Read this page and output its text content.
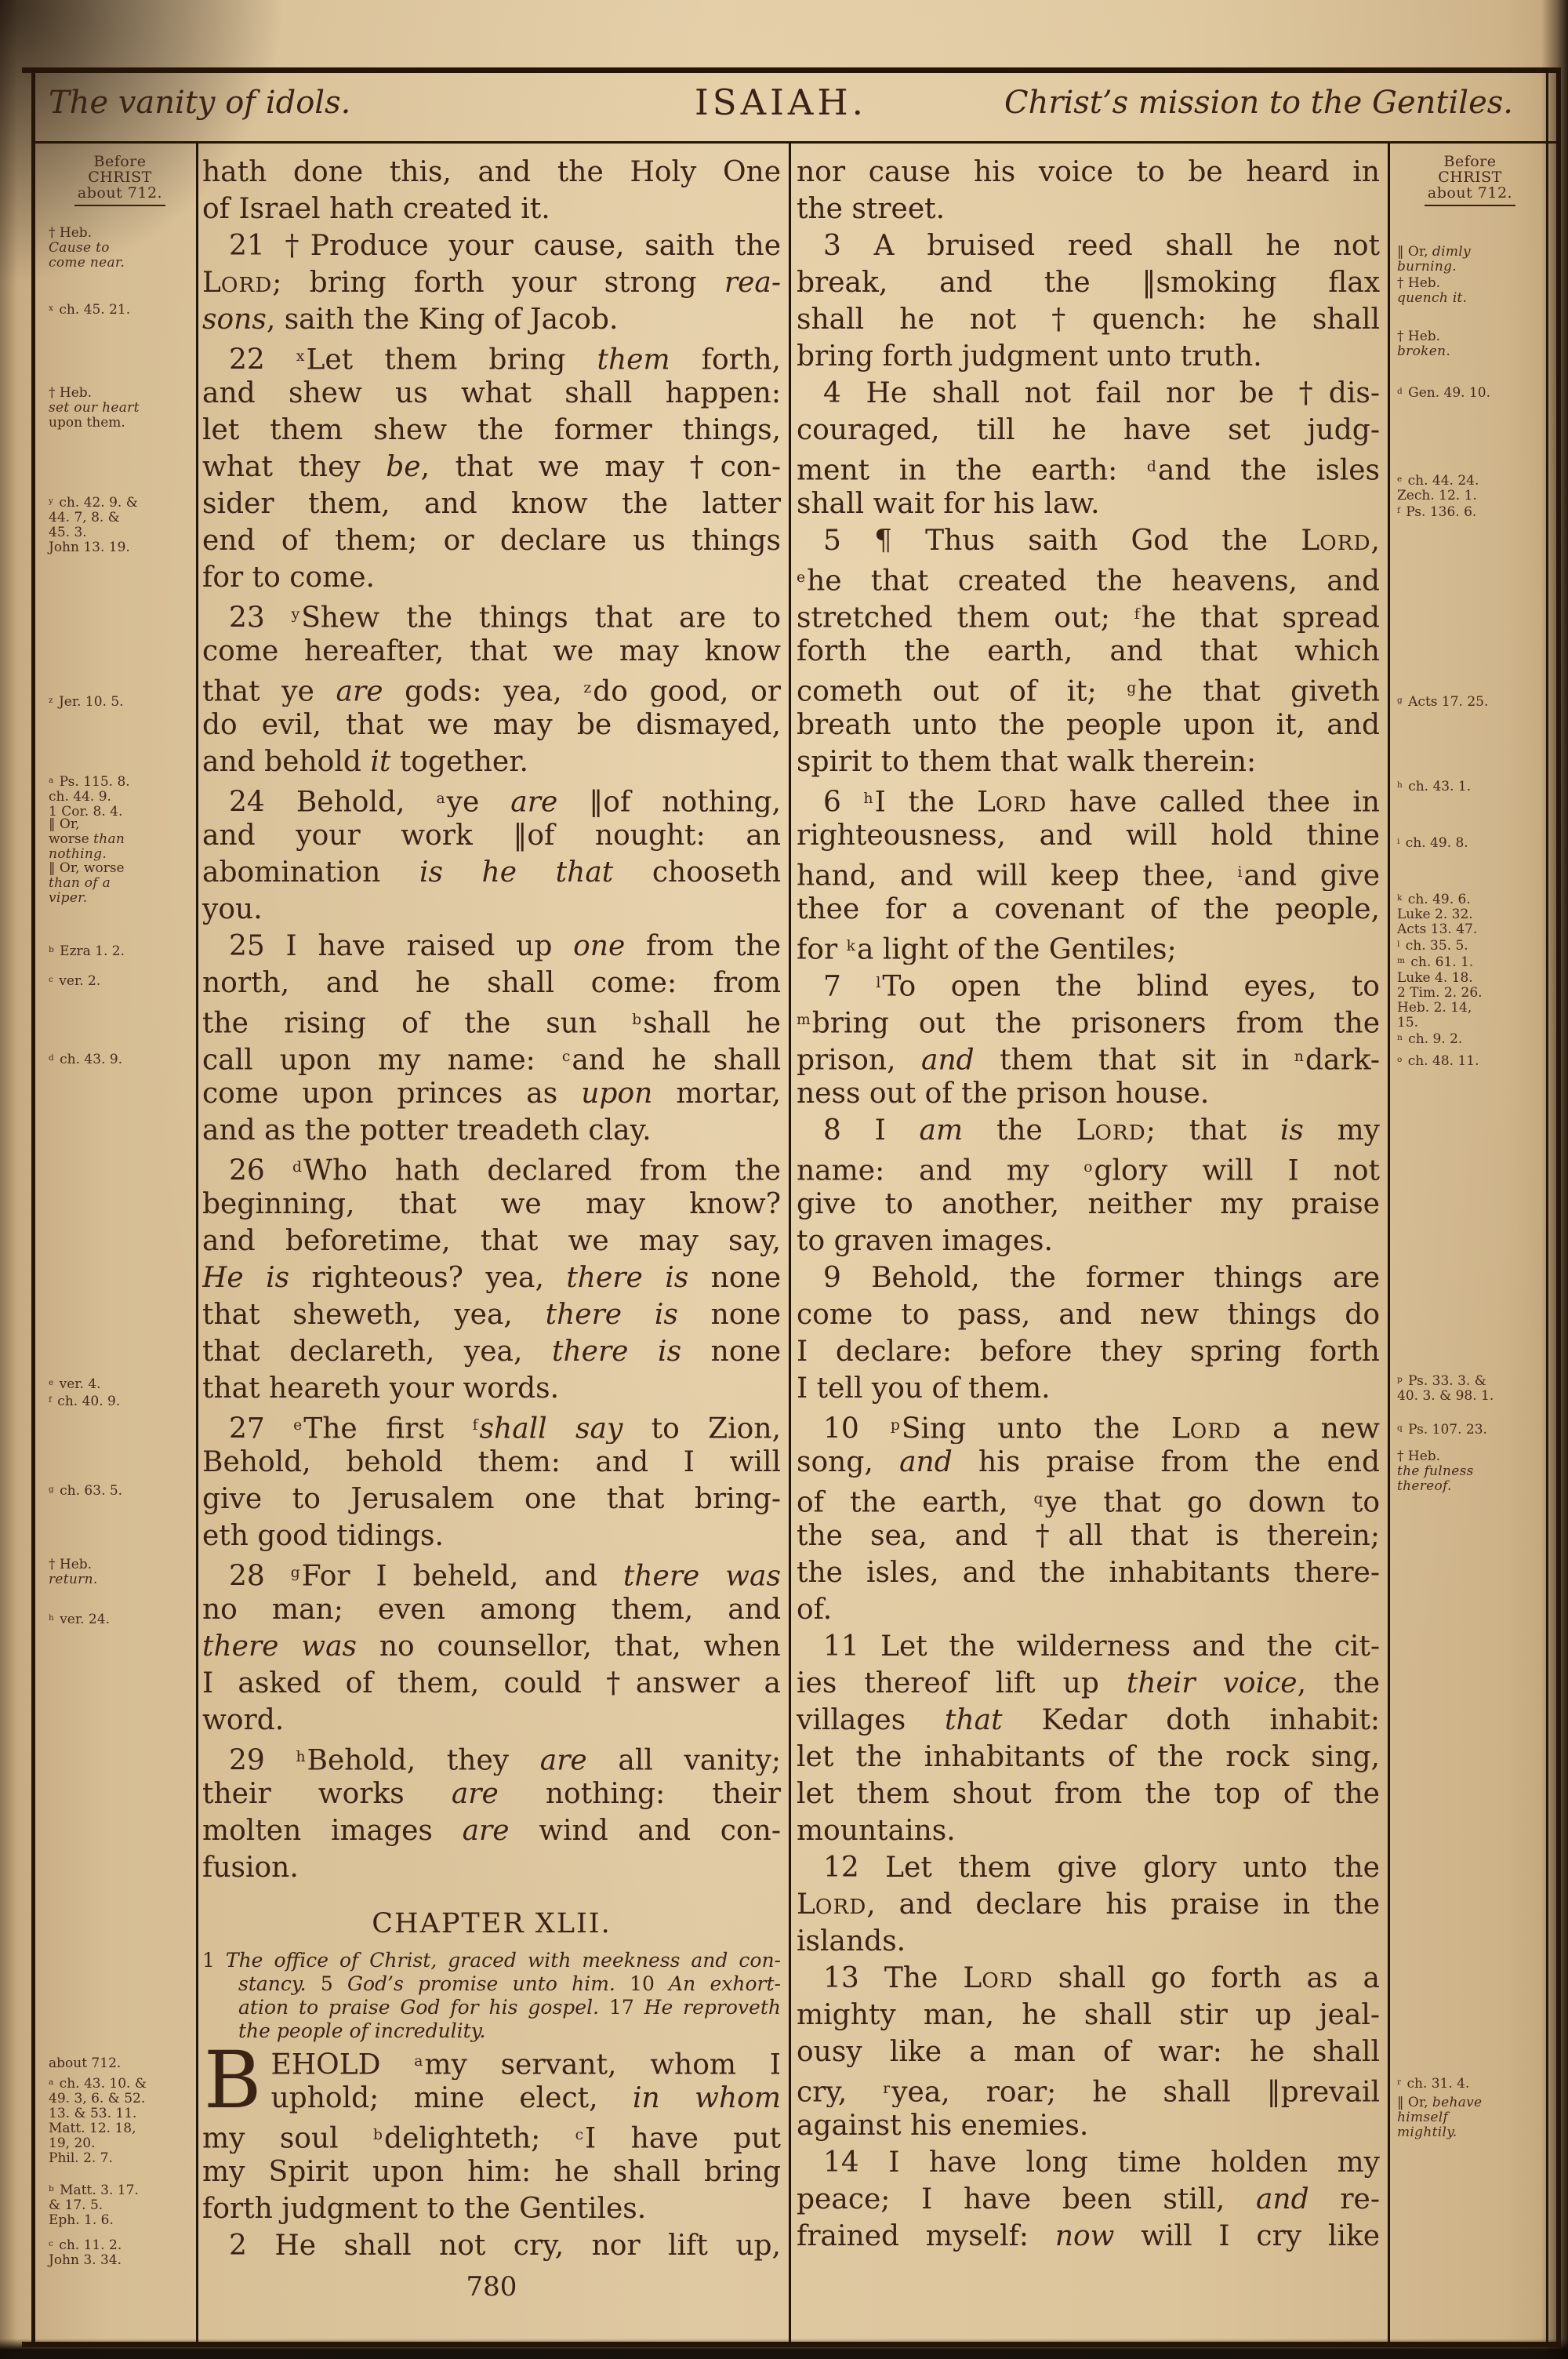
The vanity of idols.	ISAIAH.	Christ’s mission to the Gentiles.
Before
CHRIST
about 712.
† Heb.
Cause to
come near.
$^x$ ch. 45. 21.
† Heb.
set our heart
upon them.
$^y$ ch. 42. 9. &
44. 7, 8. &
45. 3.
John 13. 19.
$^z$ Jer. 10. 5.
$^a$ Ps. 115. 8.
ch. 44. 9.
1 Cor. 8. 4.
‖ Or,
worse than
nothing.
‖ Or, worse
than of a
viper.
$^b$ Ezra 1. 2.
$^c$ ver. 2.
$^d$ ch. 43. 9.
$^e$ ver. 4.
$^f$ ch. 40. 9.
$^g$ ch. 63. 5.
† Heb.
return.
$^h$ ver. 24.
about 712.
$^a$ ch. 43. 10. &
49. 3, 6. & 52.
13. & 53. 11.
Matt. 12. 18,
19, 20.
Phil. 2. 7.
$^b$ Matt. 3. 17.
& 17. 5.
Eph. 1. 6.
$^c$ ch. 11. 2.
John 3. 34.
Before
CHRIST
about 712.
‖ Or, dimly
burning.
† Heb.
quench it.
† Heb.
broken.
$^d$ Gen. 49. 10.
$^e$ ch. 44. 24.
Zech. 12. 1.
$^f$ Ps. 136. 6.
$^g$ Acts 17. 25.
$^h$ ch. 43. 1.
$^i$ ch. 49. 8.
$^k$ ch. 49. 6.
Luke 2. 32.
Acts 13. 47.
$^l$ ch. 35. 5.
$^m$ ch. 61. 1.
Luke 4. 18.
2 Tim. 2. 26.
Heb. 2. 14,
15.
$^n$ ch. 9. 2.
$^o$ ch. 48. 11.
$^p$ Ps. 33. 3. &
40. 3. & 98. 1.
$^q$ Ps. 107. 23.
† Heb.
the fulness
thereof.
$^r$ ch. 31. 4.
‖ Or, behave
himself
mightily.
hath done this, and the Holy One
of Israel hath created it.
21 †Produce your cause, saith the
LORD; bring forth your strong rea-
sons, saith the King of Jacob.
22 $^x$Let them bring them forth,
and shew us what shall happen:
let them shew the former things,
what they be, that we may †con-
sider them, and know the latter
end of them; or declare us things
for to come.
23 $^y$Shew the things that are to
come hereafter, that we may know
that ye are gods: yea, $^z$do good, or
do evil, that we may be dismayed,
and behold it together.
24 Behold, $^a$ye are ‖of nothing,
and your work ‖of nought: an
abomination is he that chooseth
you.
25 I have raised up one from the
north, and he shall come: from
the rising of the sun $^b$shall he
call upon my name: $^c$and he shall
come upon princes as upon mortar,
and as the potter treadeth clay.
26 $^d$Who hath declared from the
beginning, that we may know?
and beforetime, that we may say,
He is righteous? yea, there is none
that sheweth, yea, there is none
that declareth, yea, there is none
that heareth your words.
27 $^e$The first $^f$shall say to Zion,
Behold, behold them: and I will
give to Jerusalem one that bring-
eth good tidings.
28 $^g$For I beheld, and there was
no man; even among them, and
there was no counsellor, that, when
I asked of them, could †answer a
word.
29 $^h$Behold, they are all vanity;
their works are nothing: their
molten images are wind and con-
fusion.
CHAPTER XLII.
1 The office of Christ, graced with meekness and con-
stancy. 5 God’s promise unto him. 10 An exhort-
ation to praise God for his gospel. 17 He reproveth
the people of incredulity.
B EHOLD $^a$my servant, whom I
uphold; mine elect, in whom
my soul $^b$delighteth; $^c$I have put
my Spirit upon him: he shall bring
forth judgment to the Gentiles.
2 He shall not cry, nor lift up,
780
nor cause his voice to be heard in
the street.
3 A bruised reed shall he not
break, and the ‖smoking flax
shall he not †quench: he shall
bring forth judgment unto truth.
4 He shall not fail nor be †dis-
couraged, till he have set judg-
ment in the earth: $^d$and the isles
shall wait for his law.
5 ¶ Thus saith God the LORD,
$^e$he that created the heavens, and
stretched them out; $^f$he that spread
forth the earth, and that which
cometh out of it; $^g$he that giveth
breath unto the people upon it, and
spirit to them that walk therein:
6 $^h$I the LORD have called thee in
righteousness, and will hold thine
hand, and will keep thee, $^i$and give
thee for a covenant of the people,
for $^k$a light of the Gentiles;
7 $^l$To open the blind eyes, to
$^m$bring out the prisoners from the
prison, and them that sit in $^n$dark-
ness out of the prison house.
8 I am the LORD; that is my
name: and my $^o$glory will I not
give to another, neither my praise
to graven images.
9 Behold, the former things are
come to pass, and new things do
I declare: before they spring forth
I tell you of them.
10 $^p$Sing unto the LORD a new
song, and his praise from the end
of the earth, $^q$ye that go down to
the sea, and †all that is therein;
the isles, and the inhabitants there-
of.
11 Let the wilderness and the cit-
ies thereof lift up their voice, the
villages that Kedar doth inhabit:
let the inhabitants of the rock sing,
let them shout from the top of the
mountains.
12 Let them give glory unto the
LORD, and declare his praise in the
islands.
13 The LORD shall go forth as a
mighty man, he shall stir up jeal-
ousy like a man of war: he shall
cry, $^r$yea, roar; he shall ‖prevail
against his enemies.
14 I have long time holden my
peace; I have been still, and re-
frained myself: now will I cry like
